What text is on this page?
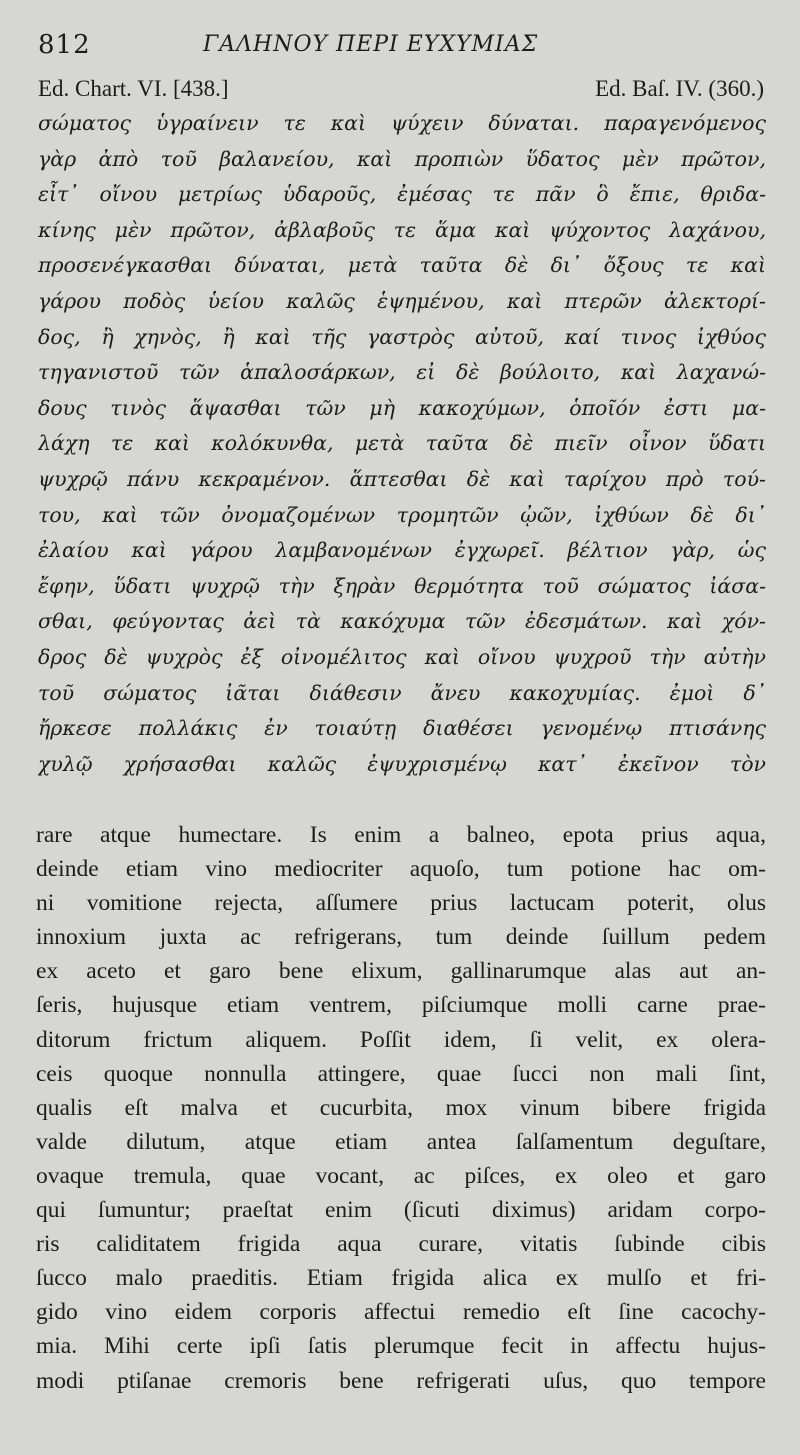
812	ΓΑΛΗΝΟΥ ΠΕΡΙ ΕΥΧΥΜΙΑΣ
Ed. Chart. VI. [438.]	Ed. Baſ. IV. (360.)
σώματος ὑγραίνειν τε καὶ ψύχειν δύναται. παραγενόμενος
γὰρ ἀπὸ τοῦ βαλανείου, καὶ προπιὼν ὕδατος μὲν πρῶτον,
εἶτ᾽ οἴνου μετρίως ὑδαροῦς, ἐμέσας τε πᾶν ὃ ἔπιε, θριδα-
κίνης μὲν πρῶτον, ἀβλαβοῦς τε ἅμα καὶ ψύχοντος λαχάνου,
προσενέγκασθαι δύναται, μετὰ ταῦτα δὲ δι᾽ ὄξους τε καὶ
γάρου ποδὸς ὑείου καλῶς ἑψημένου, καὶ πτερῶν ἀλεκτορί-
δος, ἢ χηνὸς, ἢ καὶ τῆς γαστρὸς αὐτοῦ, καί τινος ἰχθύος
τηγανιστοῦ τῶν ἁπαλοσάρκων, εἰ δὲ βούλοιτο, καὶ λαχανώ-
δους τινὸς ἅψασθαι τῶν μὴ κακοχύμων, ὁποῖόν ἐστι μα-
λάχη τε καὶ κολόκυνθα, μετὰ ταῦτα δὲ πιεῖν οἶνον ὕδατι
ψυχρῷ πάνυ κεκραμένον. ἅπτεσθαι δὲ καὶ ταρίχου πρὸ τού-
του, καὶ τῶν ὀνομαζομένων τρομητῶν ᾠῶν, ἰχθύων δὲ δι᾽
ἐλαίου καὶ γάρου λαμβανομένων ἐγχωρεῖ. βέλτιον γὰρ, ὡς
ἔφην, ὕδατι ψυχρῷ τὴν ξηρὰν θερμότητα τοῦ σώματος ἰάσα-
σθαι, φεύγοντας ἀεὶ τὰ κακόχυμα τῶν ἐδεσμάτων. καὶ χόν-
δρος δὲ ψυχρὸς ἐξ οἰνομέλιτος καὶ οἴνου ψυχροῦ τὴν αὐτὴν
τοῦ σώματος ἰᾶται διάθεσιν ἄνευ κακοχυμίας. ἐμοὶ δ᾽
ἤρκεσε πολλάκις ἐν τοιαύτῃ διαθέσει γενομένῳ πτισάνης
χυλῷ χρήσασθαι καλῶς ἐψυχρισμένῳ κατ᾽ ἐκεῖνον τὸν
rare atque humectare. Is enim a balneo, epota prius aqua,
deinde etiam vino mediocriter aquoſo, tum potione hac om-
ni vomitione rejecta, aſſumere prius lactucam poterit, olus
innoxium juxta ac refrigerans, tum deinde ſuillum pedem
ex aceto et garo bene elixum, gallinarumque alas aut an-
ſeris, hujusque etiam ventrem, piſciumque molli carne prae-
ditorum frictum aliquem. Poſſit idem, ſi velit, ex olera-
ceis quoque nonnulla attingere, quae ſucci non mali ſint,
qualis eſt malva et cucurbita, mox vinum bibere frigida
valde dilutum, atque etiam antea ſalſamentum deguſtare,
ovaque tremula, quae vocant, ac piſces, ex oleo et garo
qui ſumuntur; praeſtat enim (ſicuti diximus) aridam corpo-
ris caliditatem frigida aqua curare, vitatis ſubinde cibis
ſucco malo praeditis. Etiam frigida alica ex mulſo et fri-
gido vino eidem corporis affectui remedio eſt ſine cacochy-
mia. Mihi certe ipſi ſatis plerumque fecit in affectu hujus-
modi ptiſanae cremoris bene refrigerati uſus, quo tempore
